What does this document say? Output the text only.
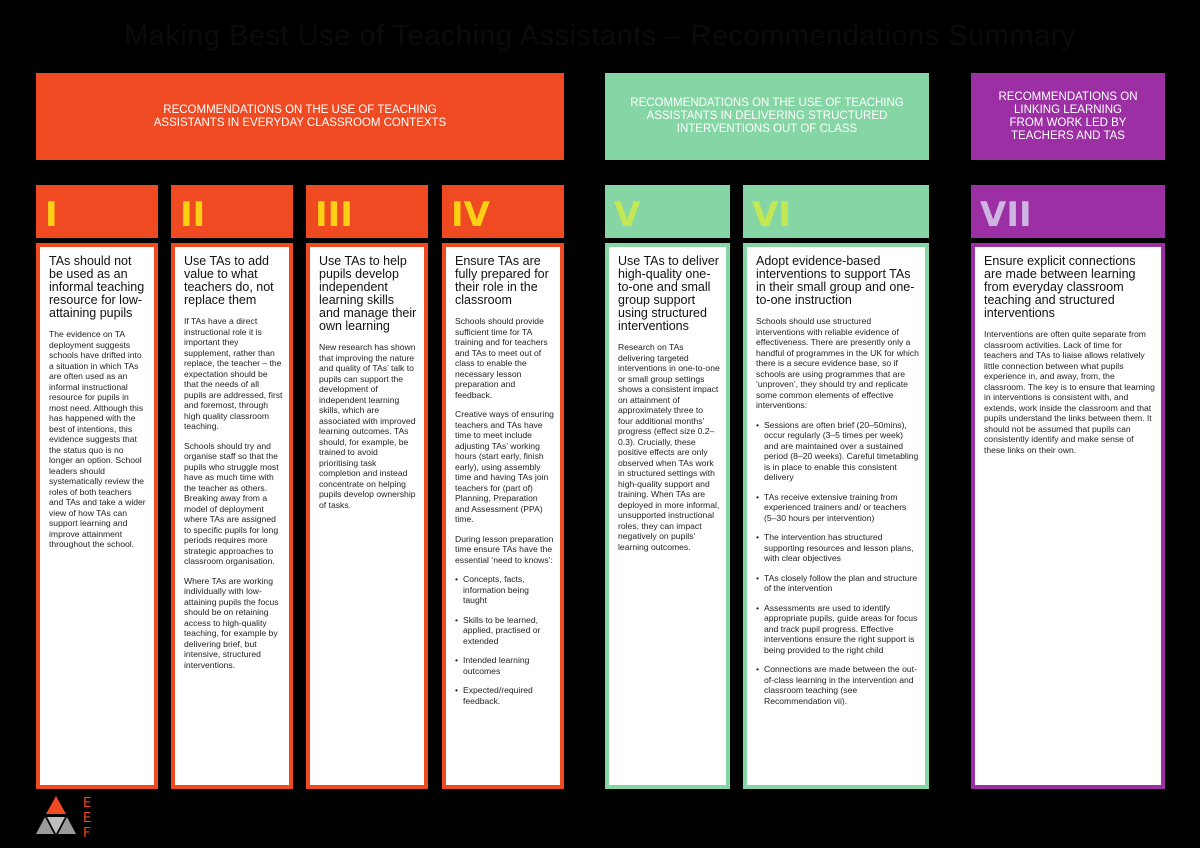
Making Best Use of Teaching Assistants – Recommendations Summary
RECOMMENDATIONS ON THE USE OF TEACHING ASSISTANTS IN EVERYDAY CLASSROOM CONTEXTS
RECOMMENDATIONS ON THE USE OF TEACHING ASSISTANTS IN DELIVERING STRUCTURED INTERVENTIONS OUT OF CLASS
RECOMMENDATIONS ON LINKING LEARNING FROM WORK LED BY TEACHERS AND TAS
I	II	III	IV	V	VI	VII
TAs should not be used as an informal teaching resource for low-attaining pupils

The evidence on TA deployment suggests schools have drifted into a situation in which TAs are often used as an informal instructional resource for pupils in most need. Although this has happened with the best of intentions, this evidence suggests that the status quo is no longer an option. School leaders should systematically review the roles of both teachers and TAs and take a wider view of how TAs can support learning and improve attainment throughout the school.

Use TAs to add value to what teachers do, not replace them

If TAs have a direct instructional role it is important they supplement, rather than replace, the teacher – the expectation should be that the needs of all pupils are addressed, first and foremost, through high quality classroom teaching.

Schools should try and organise staff so that the pupils who struggle most have as much time with the teacher as others. Breaking away from a model of deployment where TAs are assigned to specific pupils for long periods requires more strategic approaches to classroom organisation.

Where TAs are working individually with low-attaining pupils the focus should be on retaining access to high-quality teaching, for example by delivering brief, but intensive, structured interventions.

Use TAs to help pupils develop independent learning skills and manage their own learning

New research has shown that improving the nature and quality of TAs’ talk to pupils can support the development of independent learning skills, which are associated with improved learning outcomes. TAs should, for example, be trained to avoid prioritising task completion and instead concentrate on helping pupils develop ownership of tasks.

Ensure TAs are fully prepared for their role in the classroom

Schools should provide sufficient time for TA training and for teachers and TAs to meet out of class to enable the necessary lesson preparation and feedback.

Creative ways of ensuring teachers and TAs have time to meet include adjusting TAs’ working hours (start early, finish early), using assembly time and having TAs join teachers for (part of) Planning, Preparation and Assessment (PPA) time.

During lesson preparation time ensure TAs have the essential ‘need to knows’:

• Concepts, facts, information being taught
• Skills to be learned, applied, practised or extended
• Intended learning outcomes
• Expected/required feedback.
Use TAs to deliver high-quality one-to-one and small group support using structured interventions

Research on TAs delivering targeted interventions in one-to-one or small group settings shows a consistent impact on attainment of approximately three to four additional months’ progress (effect size 0.2–0.3). Crucially, these positive effects are only observed when TAs work in structured settings with high-quality support and training. When TAs are deployed in more informal, unsupported instructional roles, they can impact negatively on pupils’ learning outcomes.

Adopt evidence-based interventions to support TAs in their small group and one-to-one instruction

Schools should use structured interventions with reliable evidence of effectiveness. There are presently only a handful of programmes in the UK for which there is a secure evidence base, so if schools are using programmes that are ‘unproven’, they should try and replicate some common elements of effective interventions:

• Sessions are often brief (20–50mins), occur regularly (3–5 times per week) and are maintained over a sustained period (8–20 weeks). Careful timetabling is in place to enable this consistent delivery
• TAs receive extensive training from experienced trainers and/ or teachers (5–30 hours per intervention)
• The intervention has structured supporting resources and lesson plans, with clear objectives
• TAs closely follow the plan and structure of the intervention
• Assessments are used to identify appropriate pupils, guide areas for focus and track pupil progress. Effective interventions ensure the right support is being provided to the right child
• Connections are made between the out-of-class learning in the intervention and classroom teaching (see Recommendation vii).
Ensure explicit connections are made between learning from everyday classroom teaching and structured interventions

Interventions are often quite separate from classroom activities. Lack of time for teachers and TAs to liaise allows relatively little connection between what pupils experience in, and away, from, the classroom. The key is to ensure that learning in interventions is consistent with, and extends, work inside the classroom and that pupils understand the links between them. It should not be assumed that pupils can consistently identify and make sense of these links on their own.

E
E
F
